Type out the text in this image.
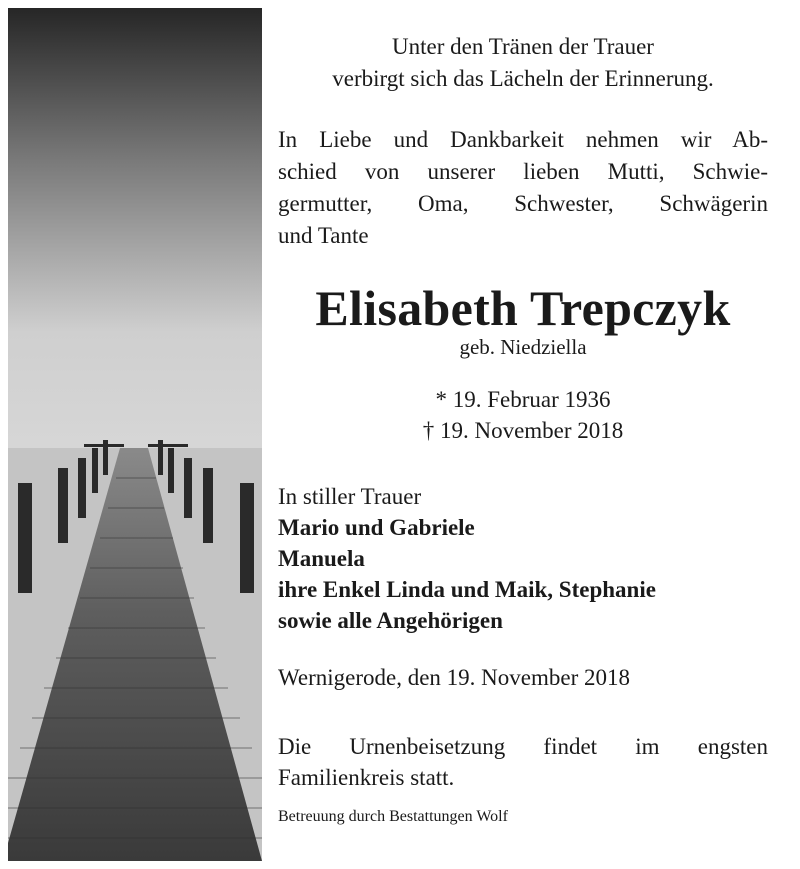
Unter den Tränen der Trauer
verbirgt sich das Lächeln der Erinnerung.
In Liebe und Dankbarkeit nehmen wir Ab-
schied von unserer lieben Mutti, Schwie-
germutter, Oma, Schwester, Schwägerin
und Tante
Elisabeth Trepczyk
geb. Niedziella
* 19. Februar 1936
† 19. November 2018
In stiller Trauer
Mario und Gabriele
Manuela
ihre Enkel Linda und Maik, Stephanie
sowie alle Angehörigen
Wernigerode, den 19. November 2018
Die Urnenbeisetzung findet im engsten
Familienkreis statt.
Betreuung durch Bestattungen Wolf
